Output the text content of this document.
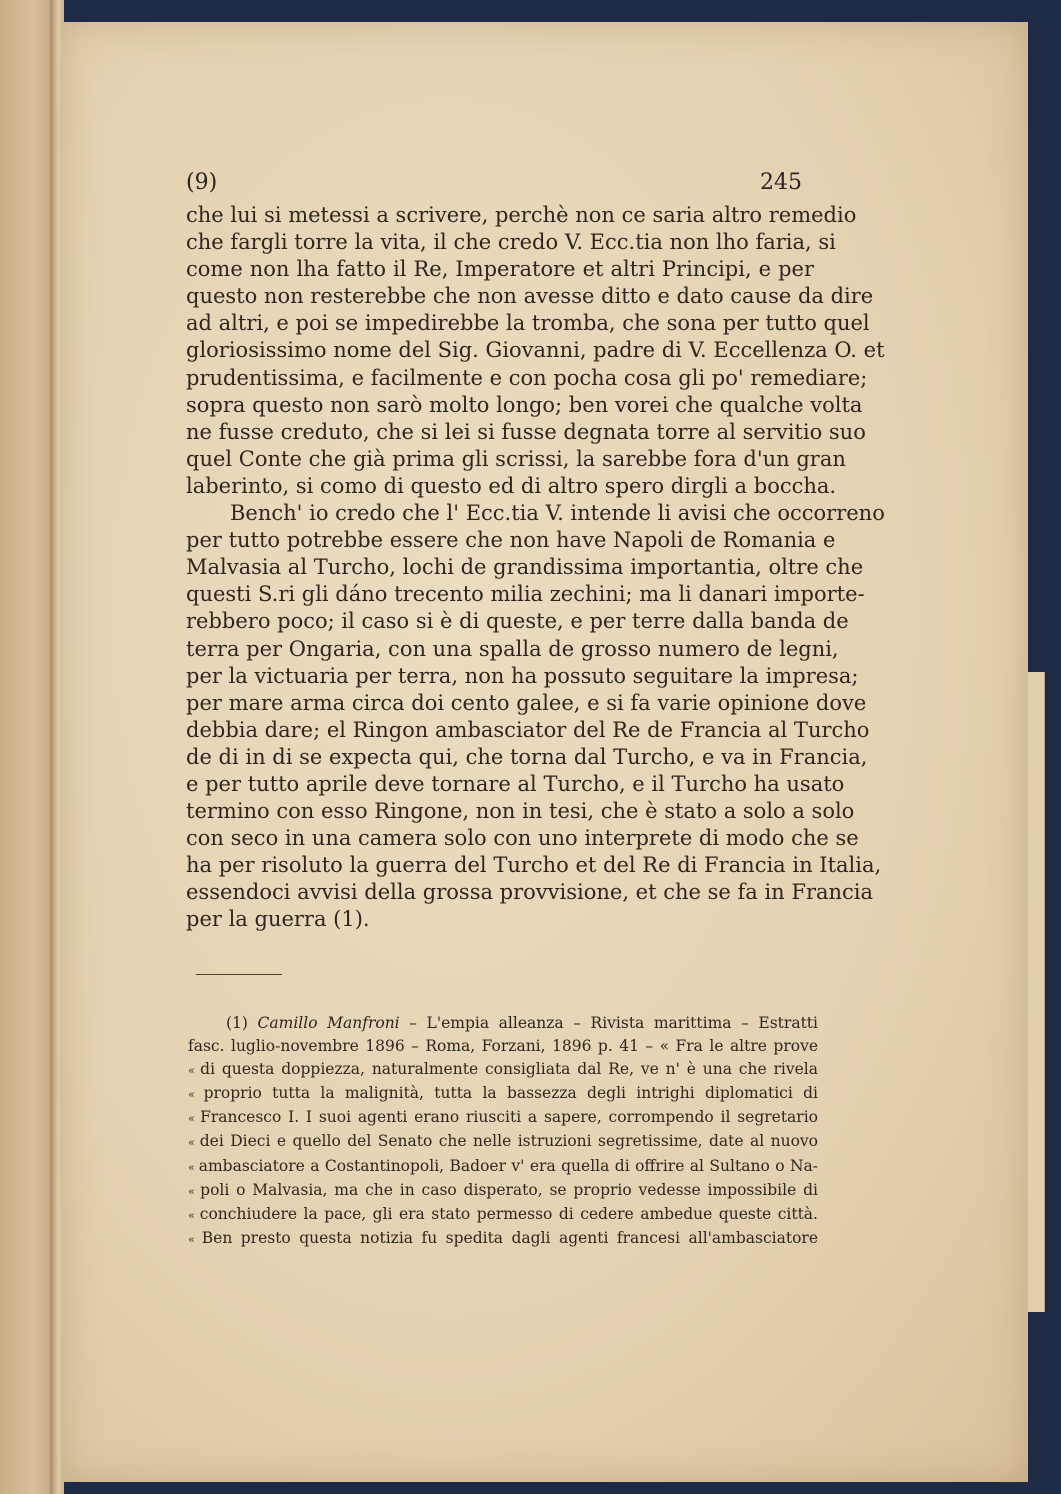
(9)	245
che lui si metessi a scrivere, perchè non ce saria altro remedio
che fargli torre la vita, il che credo V. Ecc.tia non lho faria, si
come non lha fatto il Re, Imperatore et altri Principi, e per
questo non resterebbe che non avesse ditto e dato cause da dire
ad altri, e poi se impedirebbe la tromba, che sona per tutto quel
gloriosissimo nome del Sig. Giovanni, padre di V. Eccellenza O. et
prudentissima, e facilmente e con pocha cosa gli po' remediare;
sopra questo non sarò molto longo; ben vorei che qualche volta
ne fusse creduto, che si lei si fusse degnata torre al servitio suo
quel Conte che già prima gli scrissi, la sarebbe fora d'un gran
laberinto, si como di questo ed di altro spero dirgli a boccha.
Bench' io credo che l' Ecc.tia V. intende li avisi che occorreno
per tutto potrebbe essere che non have Napoli de Romania e
Malvasia al Turcho, lochi de grandissima importantia, oltre che
questi S.ri gli dáno trecento milia zechini; ma li danari importe-
rebbero poco; il caso si è di queste, e per terre dalla banda de
terra per Ongaria, con una spalla de grosso numero de legni,
per la victuaria per terra, non ha possuto seguitare la impresa;
per mare arma circa doi cento galee, e si fa varie opinione dove
debbia dare; el Ringon ambasciator del Re de Francia al Turcho
de di in di se expecta qui, che torna dal Turcho, e va in Francia,
e per tutto aprile deve tornare al Turcho, e il Turcho ha usato
termino con esso Ringone, non in tesi, che è stato a solo a solo
con seco in una camera solo con uno interprete di modo che se
ha per risoluto la guerra del Turcho et del Re di Francia in Italia,
essendoci avvisi della grossa provvisione, et che se fa in Francia
per la guerra (1).
(1) Camillo Manfroni – L'empia alleanza – Rivista marittima – Estratti
fasc. luglio-novembre 1896 – Roma, Forzani, 1896 p. 41 – « Fra le altre prove
« di questa doppiezza, naturalmente consigliata dal Re, ve n' è una che rivela
« proprio tutta la malignità, tutta la bassezza degli intrighi diplomatici di
« Francesco I. I suoi agenti erano riusciti a sapere, corrompendo il segretario
« dei Dieci e quello del Senato che nelle istruzioni segretissime, date al nuovo
« ambasciatore a Costantinopoli, Badoer v' era quella di offrire al Sultano o Na-
« poli o Malvasia, ma che in caso disperato, se proprio vedesse impossibile di
« conchiudere la pace, gli era stato permesso di cedere ambedue queste città.
« Ben presto questa notizia fu spedita dagli agenti francesi all'ambasciatore
